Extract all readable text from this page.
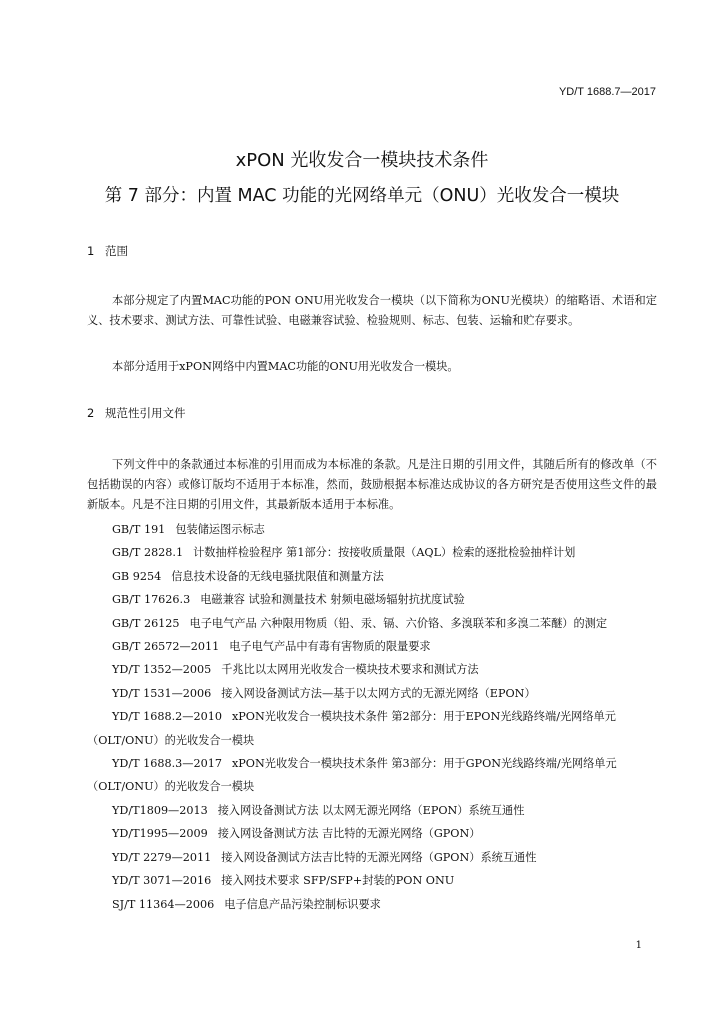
YD/T 1688.7—2017
xPON 光收发合一模块技术条件
第 7 部分：内置 MAC 功能的光网络单元（ONU）光收发合一模块
1 范围
本部分规定了内置MAC功能的PON ONU用光收发合一模块（以下简称为ONU光模块）的缩略语、术语和定义、技术要求、测试方法、可靠性试验、电磁兼容试验、检验规则、标志、包装、运输和贮存要求。
本部分适用于xPON网络中内置MAC功能的ONU用光收发合一模块。
2 规范性引用文件
下列文件中的条款通过本标准的引用而成为本标准的条款。凡是注日期的引用文件，其随后所有的修改单（不包括勘误的内容）或修订版均不适用于本标准，然而，鼓励根据本标准达成协议的各方研究是否使用这些文件的最新版本。凡是不注日期的引用文件，其最新版本适用于本标准。
GB/T 191 包装储运图示标志
GB/T 2828.1 计数抽样检验程序 第1部分：按接收质量限（AQL）检索的逐批检验抽样计划
GB 9254 信息技术设备的无线电骚扰限值和测量方法
GB/T 17626.3 电磁兼容 试验和测量技术 射频电磁场辐射抗扰度试验
GB/T 26125 电子电气产品 六种限用物质（铅、汞、镉、六价铬、多溴联苯和多溴二苯醚）的测定
GB/T 26572—2011 电子电气产品中有毒有害物质的限量要求
YD/T 1352—2005 千兆比以太网用光收发合一模块技术要求和测试方法
YD/T 1531—2006 接入网设备测试方法—基于以太网方式的无源光网络（EPON）
YD/T 1688.2—2010 xPON光收发合一模块技术条件 第2部分：用于EPON光线路终端/光网络单元（OLT/ONU）的光收发合一模块
YD/T 1688.3—2017 xPON光收发合一模块技术条件 第3部分：用于GPON光线路终端/光网络单元（OLT/ONU）的光收发合一模块
YD/T1809—2013 接入网设备测试方法 以太网无源光网络（EPON）系统互通性
YD/T1995—2009 接入网设备测试方法 吉比特的无源光网络（GPON）
YD/T 2279—2011 接入网设备测试方法吉比特的无源光网络（GPON）系统互通性
YD/T 3071—2016 接入网技术要求 SFP/SFP+封装的PON ONU
SJ/T 11364—2006 电子信息产品污染控制标识要求
1
